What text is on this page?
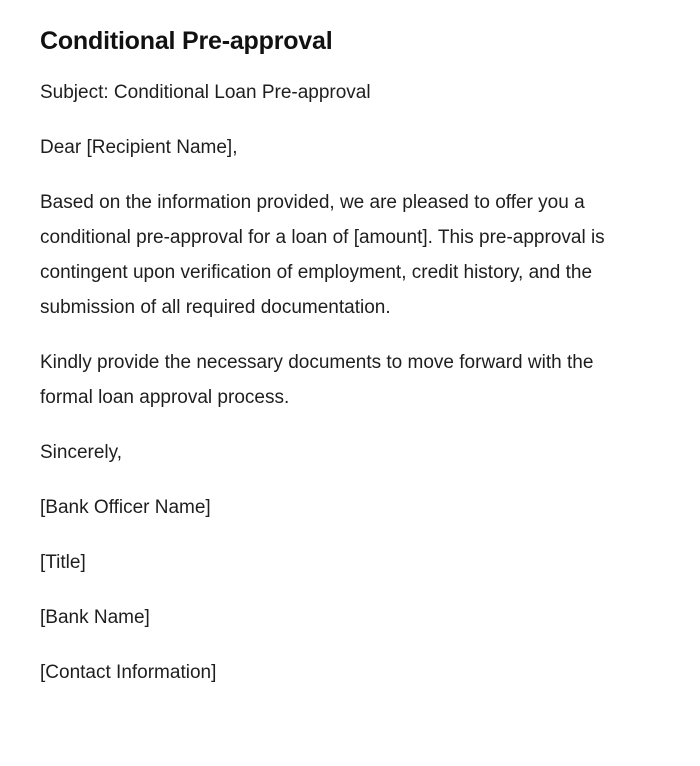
Conditional Pre-approval

Subject: Conditional Loan Pre-approval

Dear [Recipient Name],

Based on the information provided, we are pleased to offer you a conditional pre-approval for a loan of [amount]. This pre-approval is contingent upon verification of employment, credit history, and the submission of all required documentation.

Kindly provide the necessary documents to move forward with the formal loan approval process.

Sincerely,

[Bank Officer Name]

[Title]

[Bank Name]

[Contact Information]
